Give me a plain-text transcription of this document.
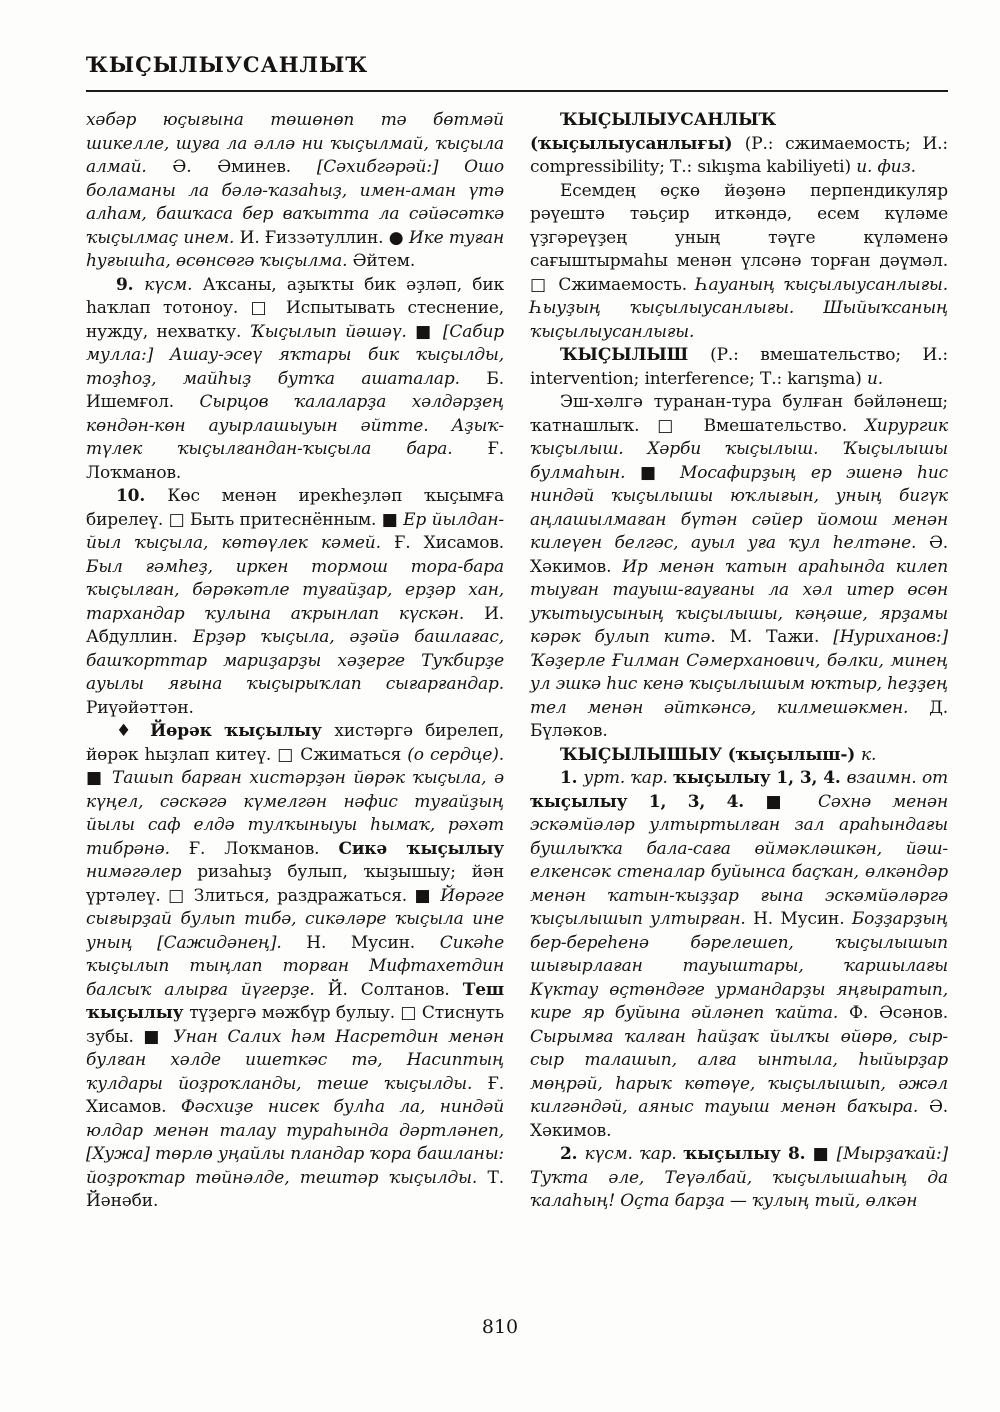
ҠЫҪЫЛЫУСАНЛЫҠ

хәбәр юҫығына төшөнөп тә бөтмәй шикелле, шуға ла әллә ни ҡыҫылмай, ҡыҫыла алмай. Ә. Әминев. [Сәхибгәрәй:] Ошо боламаны ла бәлә-ҡазаһыҙ, имен-аман үтә алһам, башҡаса бер ваҡытта ла сәйәсәткә ҡыҫылмаҫ инем. И. Ғиззәтуллин. ● Ике туған һуғышһа, өсөнсөгә ҡыҫылма. Әйтем.

9. күсм. Аҡсаны, аҙыҡты бик әҙләп, бик һаҡлап тотоноу. □ Испытывать стеснение, нужду, нехватку. Ҡыҫылып йәшәү. ■ [Сабир мулла:] Ашау-эсеү яҡтары бик ҡыҫылды, тоҙһоҙ, майһыҙ бутҡа ашаталар. Б. Ишемғол. Сырцов ҡалаларҙа хәлдәрҙең көндән-көн ауырлашыуын әйтте. Аҙыҡ-түлек ҡыҫылғандан-ҡыҫыла бара. Ғ. Лоҡманов.

10. Көс менән ирекһеҙләп ҡыҫымға бирелеү. □ Быть притеснённым. ■ Ер йылдан-йыл ҡыҫыла, көтөүлек кәмей. Ғ. Хисамов. Был ғәмһеҙ, иркен тормош тора-бара ҡыҫылған, бәрәкәтле туғайҙар, ерҙәр хан, тархандар ҡулына аҡрынлап күскән. И. Абдуллин. Ерҙәр ҡыҫыла, әҙәйә башлағас, башҡорттар мариҙарҙы хәҙерге Туҡбирҙе ауылы яғына ҡыҫырыҡлап сығарғандар. Риүәйәттән.

♦ Йөрәк ҡыҫылыу хистәргә бирелеп, йөрәк һыҙлап китеү. □ Сжиматься (о сердце). ■ Ташып барған хистәрҙән йөрәк ҡыҫыла, ә күңел, сәскәгә күмелгән нәфис туғайҙың йылы саф елдә тулҡыныуы һымаҡ, рәхәт тибрәнә. Ғ. Лоҡманов. Сикә ҡыҫылыу нимәгәлер ризаһыҙ булып, ҡыҙышыу; йән үртәлеү. □ Злиться, раздражаться. ■ Йөрәге сығырҙай булып тибә, сикәләре ҡыҫыла ине уның [Сажидәнең]. Н. Мусин. Сикәһе ҡыҫылып тыңлап торған Мифтахетдин балсыҡ алырға йүгерҙе. Й. Солтанов. Теш ҡыҫылыу түҙергә мәжбүр булыу. □ Стиснуть зубы. ■ Унан Салих һәм Насретдин менән булған хәлде ишеткәс тә, Насиптың ҡулдары йоҙроҡланды, теше ҡыҫылды. Ғ. Хисамов. Фәсхиҙе нисек булһа ла, ниндәй юлдар менән талау тураһында дәртләнеп, [Хужа] төрлө уңайлы пландар ҡора башланы: йоҙроҡтар төйнәлде, тештәр ҡыҫылды. Т. Йәнәби.

ҠЫҪЫЛЫУСАНЛЫҠ (ҡыҫылыусанлығы) (Р.: сжимаемость; И.: compressibility; Т.: sıkışma kabiliyeti) и. физ.

Есемдең өҫкө йөҙөнә перпендикуляр рәүештә тәьҫир иткәндә, есем күләме үҙгәреүҙең уның тәүге күләменә сағыштырмаһы менән үлсәнә торған дәүмәл. □ Сжимаемость. Һауаның ҡыҫылыусанлығы. Һыуҙың ҡыҫылыусанлығы. Шыйыҡсаның ҡыҫылыусанлығы.

ҠЫҪЫЛЫШ (Р.: вмешательство; И.: intervention; interference; Т.: karışma) и.

Эш-хәлгә туранан-тура булған бәйләнеш; ҡатнашлыҡ. □ Вмешательство. Хирургик ҡыҫылыш. Хәрби ҡыҫылыш. Ҡыҫылышы булмаһын. ■ Мосафирҙың ер эшенә һис ниндәй ҡыҫылышы юҡлығын, уның бигүк аңлашылмаған бүтән сәйер йомош менән килеүен белгәс, ауыл уға ҡул һелтәне. Ә. Хәкимов. Ир менән ҡатын араһында килеп тыуған тауыш-ғауғаны ла хәл итер өсөн уҡытыусының ҡыҫылышы, кәңәше, ярҙамы кәрәк булып китә. М. Тажи. [Нуриханов:] Ҡәҙерле Ғилман Сәмерханович, бәлки, минең ул эшкә һис кенә ҡыҫылышым юҡтыр, һеҙҙең тел менән әйткәнсә, килмешәкмен. Д. Бүләков.

ҠЫҪЫЛЫШЫУ (ҡыҫылыш-) к.

1. урт. ҡар. ҡыҫылыу 1, 3, 4. взаимн. от ҡыҫылыу 1, 3, 4. ■ Сәхнә менән эскәмйәләр ултыртылған зал араһындағы бушлыҡҡа бала-саға өймәкләшкән, йәш-елкенсәк стеналар буйынса баҫҡан, өлкәндәр менән ҡатын-ҡыҙҙар ғына эскәмйәләргә ҡыҫылышып ултырған. Н. Мусин. Боҙҙарҙың бер-береһенә бәрелешеп, ҡыҫылышып шығырлаған тауыштары, ҡаршылағы Күктау өҫтөндәге урмандарҙы яңғыратып, кире яр буйына әйләнеп ҡайта. Ф. Әсәнов. Сырымға ҡалған һайҙаҡ йылҡы өйөрө, сыр-сыр талашып, алға ынтыла, һыйырҙар мөңрәй, һарыҡ көтөүе, ҡыҫылышып, әжәл килгәндәй, аяныс тауыш менән баҡыра. Ә. Хәкимов.

2. күсм. ҡар. ҡыҫылыу 8. ■ [Мырҙаҡай:] Туҡта әле, Теүәлбай, ҡыҫылышаһың да ҡалаһың! Оҫта барҙа — ҡулың тый, өлкән

810
